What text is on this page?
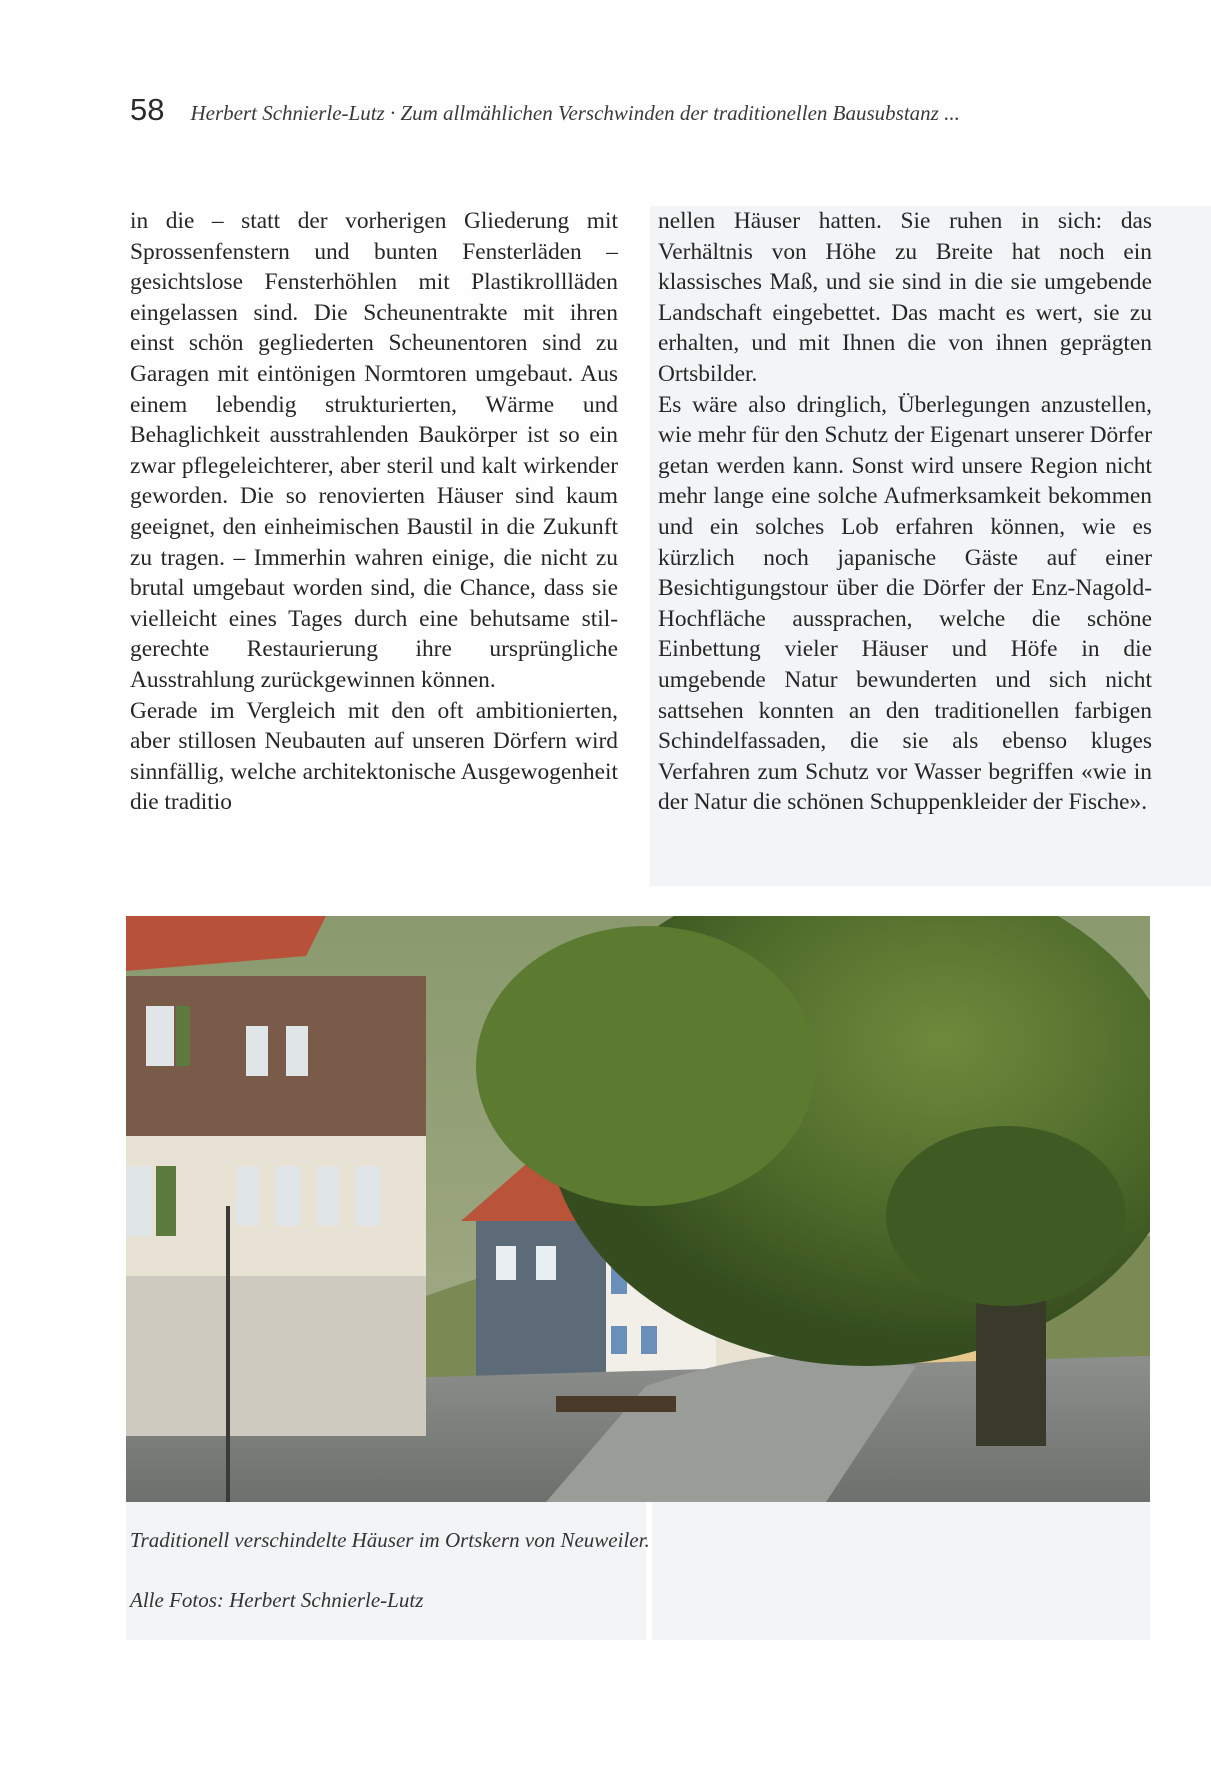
58 Herbert Schnierle-Lutz · Zum allmählichen Verschwinden der traditionellen Bausubstanz ...

in die – statt der vorherigen Gliederung mit Sprossenfenstern und bunten Fensterläden – gesichtslose Fensterhöhlen mit Plastikrollläden eingelassen sind. Die Scheunentrakte mit ihren einst schön gegliederten Scheunentoren sind zu Garagen mit eintönigen Normtoren umgebaut. Aus einem lebendig strukturierten, Wärme und Behaglichkeit ausstrahlenden Baukörper ist so ein zwar pflegeleichterer, aber steril und kalt wirkender geworden. Die so renovierten Häuser sind kaum geeignet, den einheimischen Baustil in die Zukunft zu tragen. – Immerhin wahren einige, die nicht zu brutal umgebaut worden sind, die Chance, dass sie vielleicht eines Tages durch eine behutsame stilgerechte Restaurierung ihre ursprüngliche Ausstrahlung zurückgewinnen können.

Gerade im Vergleich mit den oft ambitionierten, aber stillosen Neubauten auf unseren Dörfern wird sinnfällig, welche architektonische Ausgewogenheit die traditio

nellen Häuser hatten. Sie ruhen in sich: das Verhältnis von Höhe zu Breite hat noch ein klassisches Maß, und sie sind in die sie umgebende Landschaft eingebettet. Das macht es wert, sie zu erhalten, und mit Ihnen die von ihnen geprägten Ortsbilder.

Es wäre also dringlich, Überlegungen anzustellen, wie mehr für den Schutz der Eigenart unserer Dörfer getan werden kann. Sonst wird unsere Region nicht mehr lange eine solche Aufmerksamkeit bekommen und ein solches Lob erfahren können, wie es kürzlich noch japanische Gäste auf einer Besichtigungstour über die Dörfer der Enz-Nagold-Hochfläche aussprachen, welche die schöne Einbettung vieler Häuser und Höfe in die umgebende Natur bewunderten und sich nicht sattsehen konnten an den traditionellen farbigen Schindelfassaden, die sie als ebenso kluges Verfahren zum Schutz vor Wasser begriffen «wie in der Natur die schönen Schuppenkleider der Fische».

Traditionell verschindelte Häuser im Ortskern von Neuweiler.
Alle Fotos: Herbert Schnierle-Lutz
